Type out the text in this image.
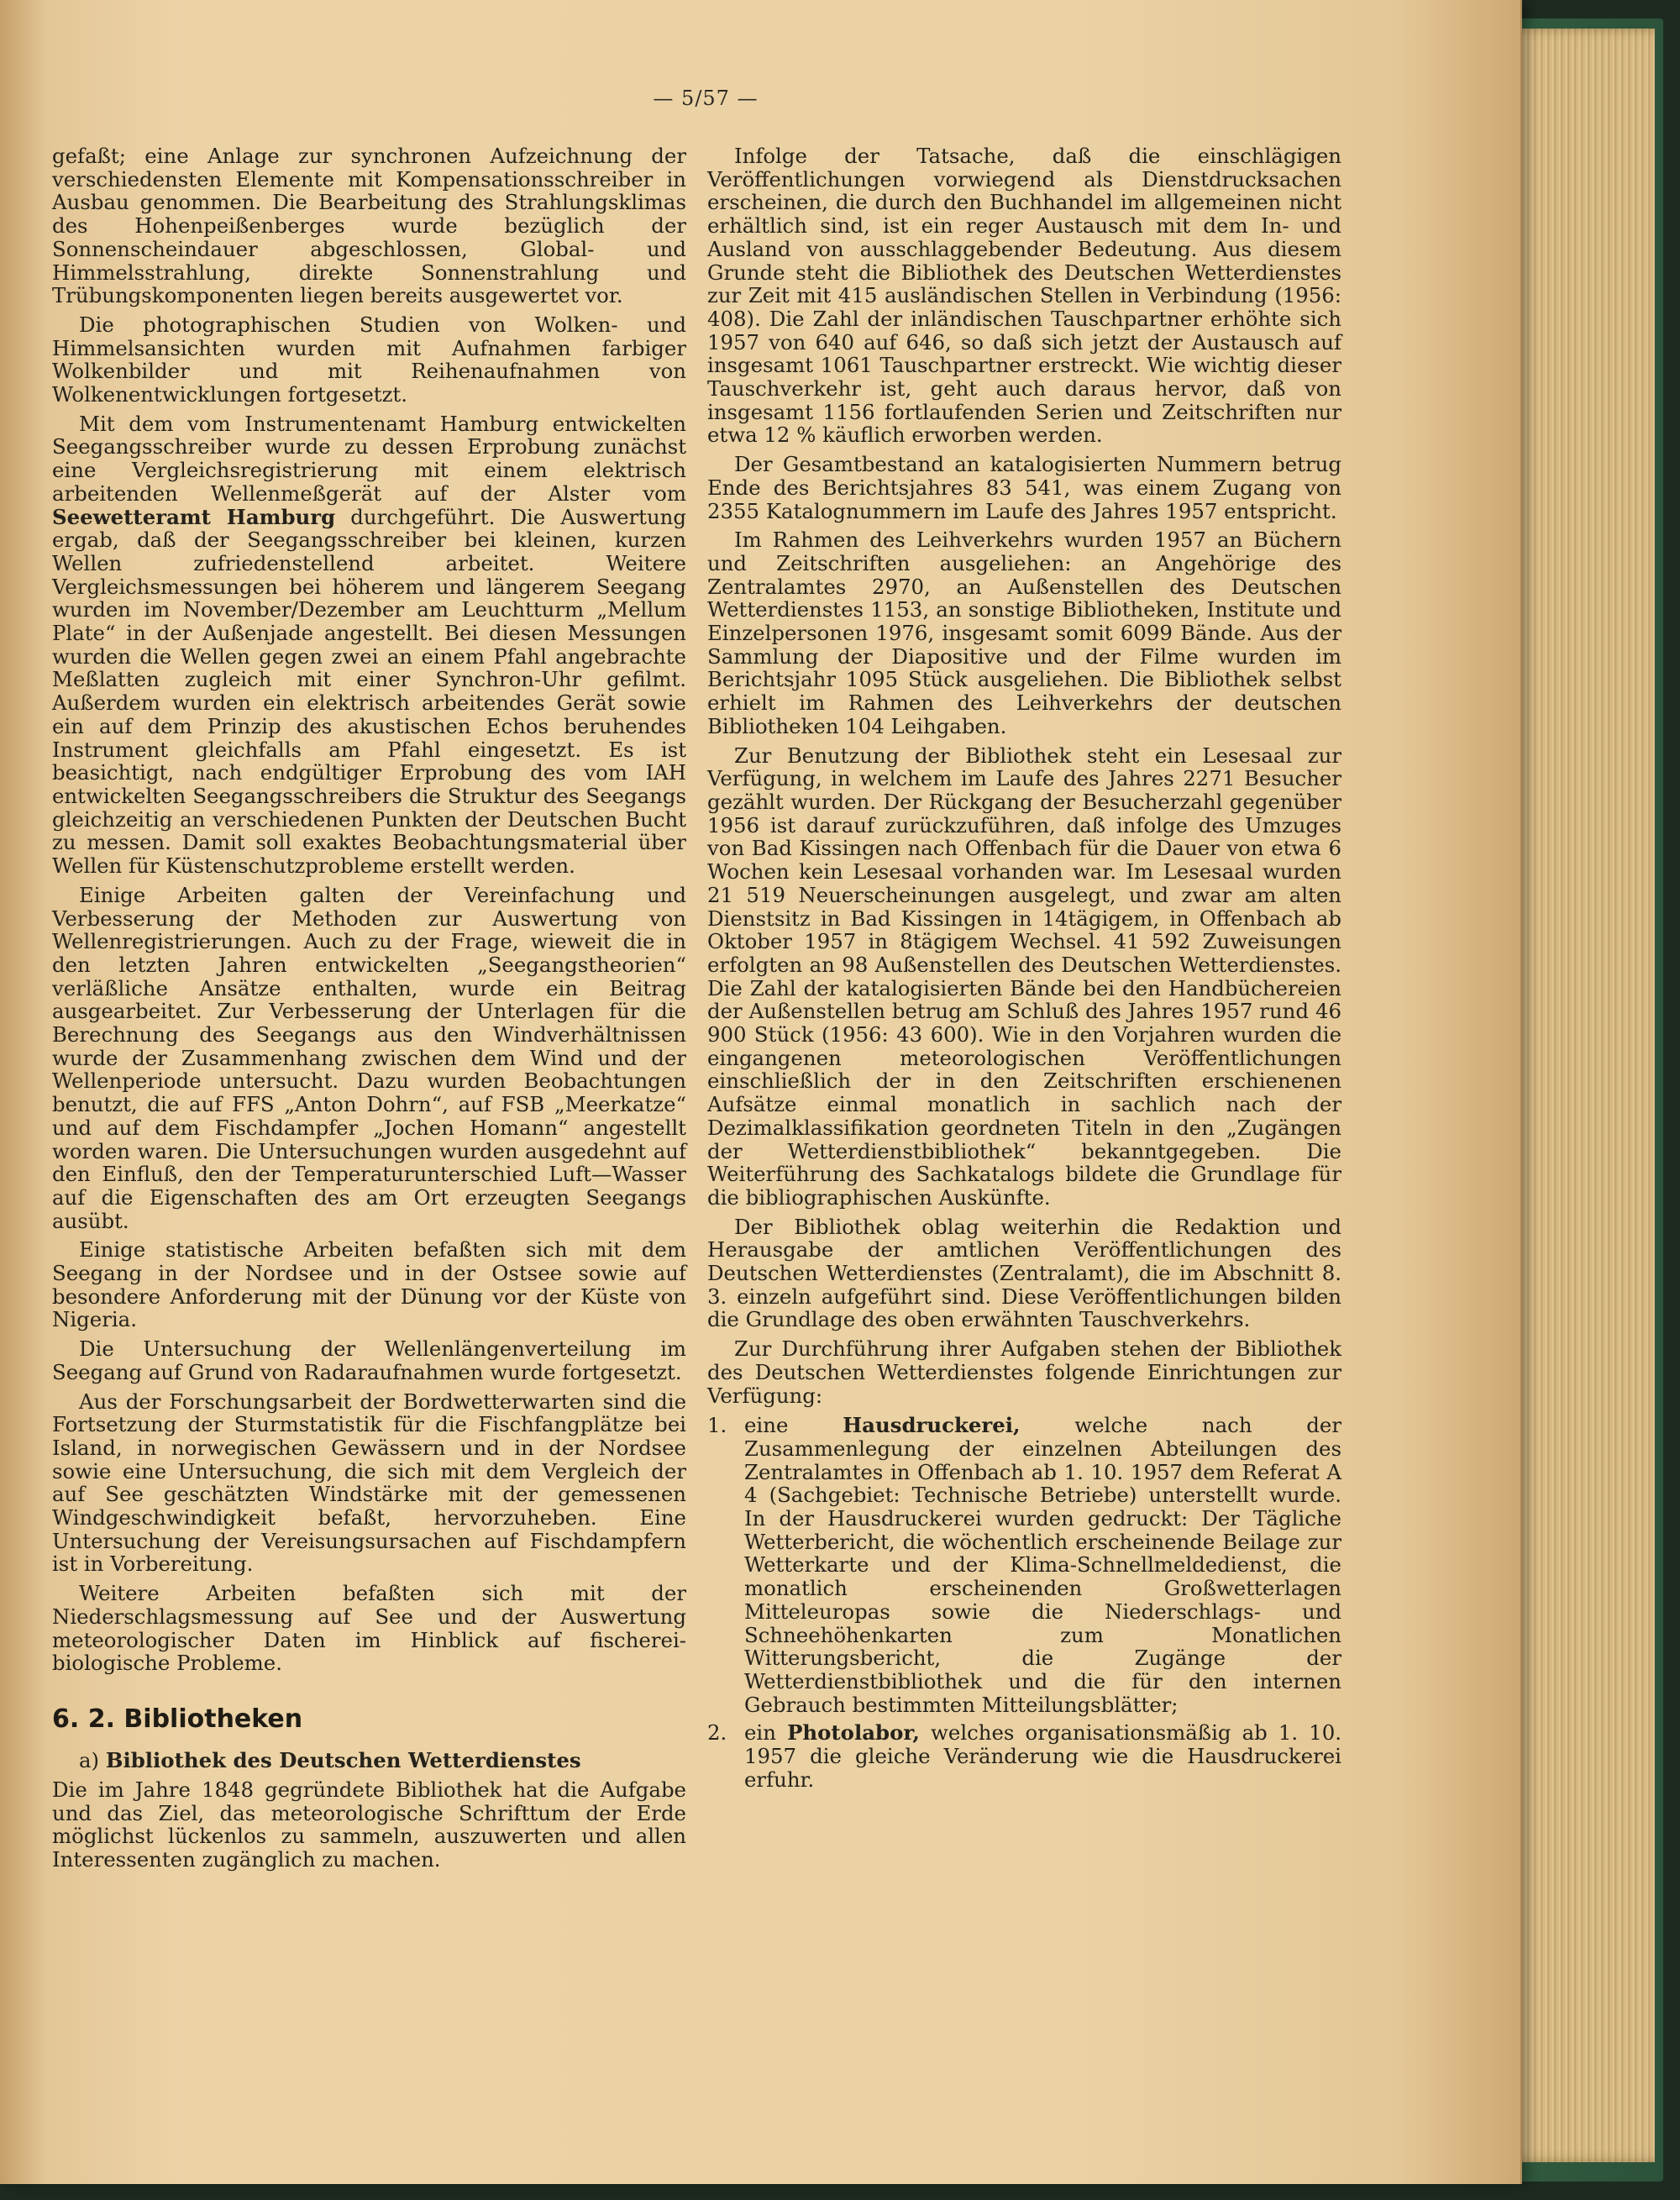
— 5/57 —

gefaßt; eine Anlage zur synchronen Aufzeichnung der verschiedensten Elemente mit Kompensationsschreiber in Ausbau genommen. Die Bearbeitung des Strahlungsklimas des Hohenpeißenberges wurde bezüglich der Sonnenscheindauer abgeschlossen, Global- und Himmelsstrahlung, direkte Sonnenstrahlung und Trübungskomponenten liegen bereits ausgewertet vor.

Die photographischen Studien von Wolken- und Himmelsansichten wurden mit Aufnahmen farbiger Wolkenbilder und mit Reihenaufnahmen von Wolkenentwicklungen fortgesetzt.

Mit dem vom Instrumentenamt Hamburg entwickelten Seegangsschreiber wurde zu dessen Erprobung zunächst eine Vergleichsregistrierung mit einem elektrisch arbeitenden Wellenmeßgerät auf der Alster vom Seewetteramt Hamburg durchgeführt. Die Auswertung ergab, daß der Seegangsschreiber bei kleinen, kurzen Wellen zufriedenstellend arbeitet. Weitere Vergleichsmessungen bei höherem und längerem Seegang wurden im November/Dezember am Leuchtturm „Mellum Plate“ in der Außenjade angestellt. Bei diesen Messungen wurden die Wellen gegen zwei an einem Pfahl angebrachte Meßlatten zugleich mit einer Synchron-Uhr gefilmt. Außerdem wurden ein elektrisch arbeitendes Gerät sowie ein auf dem Prinzip des akustischen Echos beruhendes Instrument gleichfalls am Pfahl eingesetzt. Es ist beasichtigt, nach endgültiger Erprobung des vom IAH entwickelten Seegangsschreibers die Struktur des Seegangs gleichzeitig an verschiedenen Punkten der Deutschen Bucht zu messen. Damit soll exaktes Beobachtungsmaterial über Wellen für Küstenschutzprobleme erstellt werden.

Einige Arbeiten galten der Vereinfachung und Verbesserung der Methoden zur Auswertung von Wellenregistrierungen. Auch zu der Frage, wieweit die in den letzten Jahren entwickelten „Seegangstheorien“ verläßliche Ansätze enthalten, wurde ein Beitrag ausgearbeitet. Zur Verbesserung der Unterlagen für die Berechnung des Seegangs aus den Windverhältnissen wurde der Zusammenhang zwischen dem Wind und der Wellenperiode untersucht. Dazu wurden Beobachtungen benutzt, die auf FFS „Anton Dohrn“, auf FSB „Meerkatze“ und auf dem Fischdampfer „Jochen Homann“ angestellt worden waren. Die Untersuchungen wurden ausgedehnt auf den Einfluß, den der Temperaturunterschied Luft—Wasser auf die Eigenschaften des am Ort erzeugten Seegangs ausübt.

Einige statistische Arbeiten befaßten sich mit dem Seegang in der Nordsee und in der Ostsee sowie auf besondere Anforderung mit der Dünung vor der Küste von Nigeria.

Die Untersuchung der Wellenlängenverteilung im Seegang auf Grund von Radaraufnahmen wurde fortgesetzt.

Aus der Forschungsarbeit der Bordwetterwarten sind die Fortsetzung der Sturmstatistik für die Fischfangplätze bei Island, in norwegischen Gewässern und in der Nordsee sowie eine Untersuchung, die sich mit dem Vergleich der auf See geschätzten Windstärke mit der gemessenen Windgeschwindigkeit befaßt, hervorzuheben. Eine Untersuchung der Vereisungsursachen auf Fischdampfern ist in Vorbereitung.

Weitere Arbeiten befaßten sich mit der Niederschlagsmessung auf See und der Auswertung meteorologischer Daten im Hinblick auf fischerei-biologische Probleme.

6. 2. Bibliotheken

a) Bibliothek des Deutschen Wetterdienstes

Die im Jahre 1848 gegründete Bibliothek hat die Aufgabe und das Ziel, das meteorologische Schrifttum der Erde möglichst lückenlos zu sammeln, auszuwerten und allen Interessenten zugänglich zu machen.

Infolge der Tatsache, daß die einschlägigen Veröffentlichungen vorwiegend als Dienstdrucksachen erscheinen, die durch den Buchhandel im allgemeinen nicht erhältlich sind, ist ein reger Austausch mit dem In- und Ausland von ausschlaggebender Bedeutung. Aus diesem Grunde steht die Bibliothek des Deutschen Wetterdienstes zur Zeit mit 415 ausländischen Stellen in Verbindung (1956: 408). Die Zahl der inländischen Tauschpartner erhöhte sich 1957 von 640 auf 646, so daß sich jetzt der Austausch auf insgesamt 1061 Tauschpartner erstreckt. Wie wichtig dieser Tauschverkehr ist, geht auch daraus hervor, daß von insgesamt 1156 fortlaufenden Serien und Zeitschriften nur etwa 12 % käuflich erworben werden.

Der Gesamtbestand an katalogisierten Nummern betrug Ende des Berichtsjahres 83 541, was einem Zugang von 2355 Katalognummern im Laufe des Jahres 1957 entspricht.

Im Rahmen des Leihverkehrs wurden 1957 an Büchern und Zeitschriften ausgeliehen: an Angehörige des Zentralamtes 2970, an Außenstellen des Deutschen Wetterdienstes 1153, an sonstige Bibliotheken, Institute und Einzelpersonen 1976, insgesamt somit 6099 Bände. Aus der Sammlung der Diapositive und der Filme wurden im Berichtsjahr 1095 Stück ausgeliehen. Die Bibliothek selbst erhielt im Rahmen des Leihverkehrs der deutschen Bibliotheken 104 Leihgaben.

Zur Benutzung der Bibliothek steht ein Lesesaal zur Verfügung, in welchem im Laufe des Jahres 2271 Besucher gezählt wurden. Der Rückgang der Besucherzahl gegenüber 1956 ist darauf zurückzuführen, daß infolge des Umzuges von Bad Kissingen nach Offenbach für die Dauer von etwa 6 Wochen kein Lesesaal vorhanden war. Im Lesesaal wurden 21 519 Neuerscheinungen ausgelegt, und zwar am alten Dienstsitz in Bad Kissingen in 14tägigem, in Offenbach ab Oktober 1957 in 8tägigem Wechsel. 41 592 Zuweisungen erfolgten an 98 Außenstellen des Deutschen Wetterdienstes. Die Zahl der katalogisierten Bände bei den Handbüchereien der Außenstellen betrug am Schluß des Jahres 1957 rund 46 900 Stück (1956: 43 600). Wie in den Vorjahren wurden die eingangenen meteorologischen Veröffentlichungen einschließlich der in den Zeitschriften erschienenen Aufsätze einmal monatlich in sachlich nach der Dezimalklassifikation geordneten Titeln in den „Zugängen der Wetterdienstbibliothek“ bekanntgegeben. Die Weiterführung des Sachkatalogs bildete die Grundlage für die bibliographischen Auskünfte.

Der Bibliothek oblag weiterhin die Redaktion und Herausgabe der amtlichen Veröffentlichungen des Deutschen Wetterdienstes (Zentralamt), die im Abschnitt 8. 3. einzeln aufgeführt sind. Diese Veröffentlichungen bilden die Grundlage des oben erwähnten Tauschverkehrs.

Zur Durchführung ihrer Aufgaben stehen der Bibliothek des Deutschen Wetterdienstes folgende Einrichtungen zur Verfügung:

1. eine	Hausdruckerei,	welche nach der Zusammenlegung der einzelnen Abteilungen des Zentralamtes in Offenbach ab 1. 10. 1957 dem Referat A 4 (Sachgebiet: Technische Betriebe) unterstellt wurde. In der Hausdruckerei wurden gedruckt: Der Tägliche Wetterbericht, die wöchentlich erscheinende Beilage zur Wetterkarte und der Klima-Schnellmeldedienst, die monatlich erscheinenden Großwetterlagen Mitteleuropas sowie die Niederschlags- und Schneehöhenkarten zum Monatlichen Witterungsbericht, die Zugänge der Wetterdienstbibliothek und die für den internen Gebrauch bestimmten Mitteilungsblätter;
2. ein Photolabor, welches organisationsmäßig ab 1. 10. 1957 die gleiche Veränderung wie die Hausdruckerei erfuhr.
